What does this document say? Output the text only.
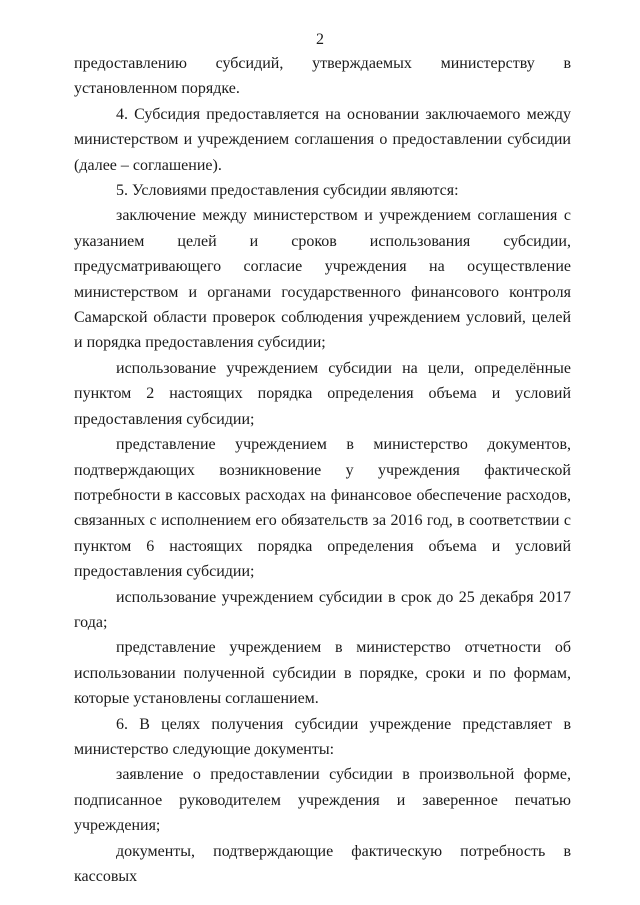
2

предоставлению субсидий, утверждаемых министерству в установленном порядке.

4. Субсидия предоставляется на основании заключаемого между министерством и учреждением соглашения о предоставлении субсидии (далее – соглашение).

5. Условиями предоставления субсидии являются:

заключение между министерством и учреждением соглашения с указанием целей и сроков использования субсидии, предусматривающего согласие учреждения на осуществление министерством и органами государственного финансового контроля Самарской области проверок соблюдения учреждением условий, целей и порядка предоставления субсидии;

использование учреждением субсидии на цели, определённые пунктом 2 настоящих порядка определения объема и условий предоставления субсидии;

представление учреждением в министерство документов, подтверждающих возникновение у учреждения фактической потребности в кассовых расходах на финансовое обеспечение расходов, связанных с исполнением его обязательств за 2016 год, в соответствии с пунктом 6 настоящих порядка определения объема и условий предоставления субсидии;

использование учреждением субсидии в срок до 25 декабря 2017 года;

представление учреждением в министерство отчетности об использовании полученной субсидии в порядке, сроки и по формам, которые установлены соглашением.

6. В целях получения субсидии учреждение представляет в министерство следующие документы:

заявление о предоставлении субсидии в произвольной форме, подписанное руководителем учреждения и заверенное печатью учреждения;

документы, подтверждающие фактическую потребность в кассовых
